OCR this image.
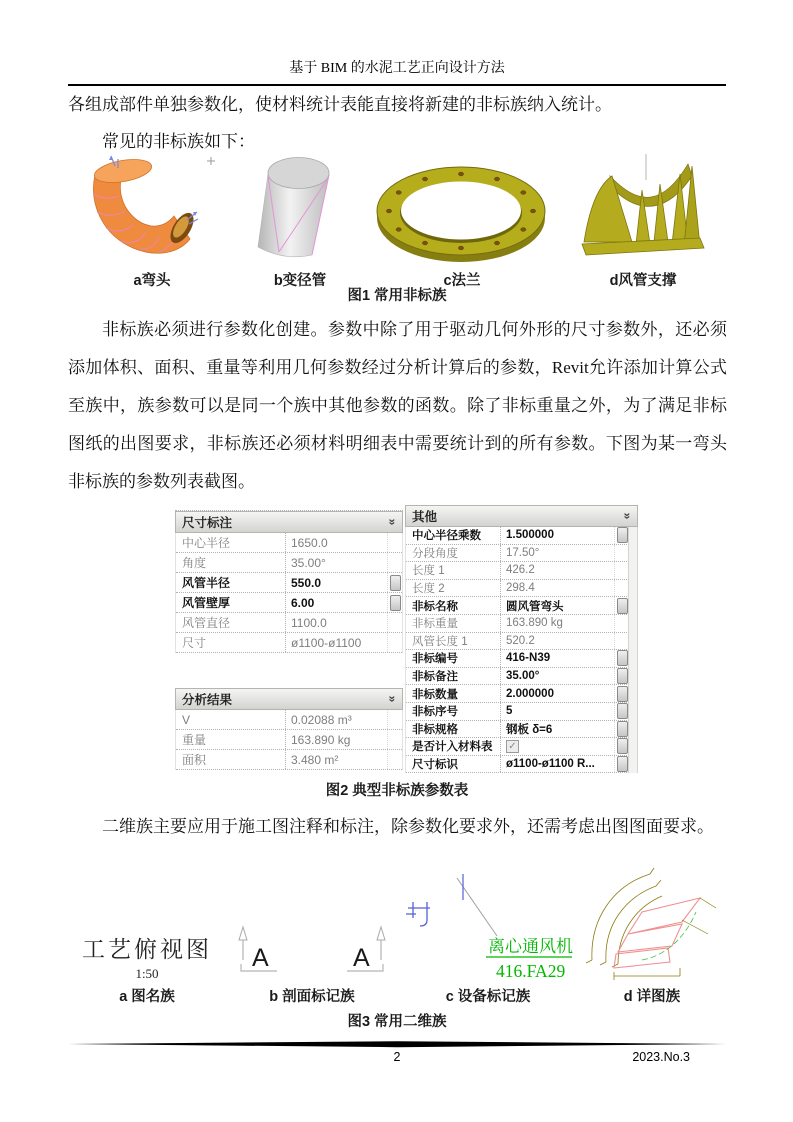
基于 BIM 的水泥工艺正向设计方法
各组成部件单独参数化，使材料统计表能直接将新建的非标族纳入统计。
常见的非标族如下：
a弯头	b变径管	c法兰	d风管支撑
图1 常用非标族
非标族必须进行参数化创建。参数中除了用于驱动几何外形的尺寸参数外，还必须添加体积、面积、重量等利用几何参数经过分析计算后的参数，Revit允许添加计算公式至族中，族参数可以是同一个族中其他参数的函数。除了非标重量之外，为了满足非标图纸的出图要求，非标族还必须材料明细表中需要统计到的所有参数。下图为某一弯头非标族的参数列表截图。
尺寸标注	»
中心半径	1650.0
角度	35.00°
风管半径	550.0
风管壁厚	6.00
风管直径	1100.0
尺寸	ø1100-ø1100
分析结果	»
V	0.02088 m³
重量	163.890 kg
面积	3.480 m²
其他	»
中心半径乘数	1.500000
分段角度	17.50°
长度 1	426.2
长度 2	298.4
非标名称	圆风管弯头
非标重量	163.890 kg
风管长度 1	520.2
非标编号	416-N39
非标备注	35.00°
非标数量	2.000000
非标序号	5
非标规格	钢板 δ=6
是否计入材料表	✓
尺寸标识	ø1100-ø1100 R...
图2 典型非标族参数表
二维族主要应用于施工图注释和标注，除参数化要求外，还需考虑出图图面要求。
工艺俯视图
1:50
a 图名族
A	A
b 剖面标记族
离心通风机
416.FA29
c 设备标记族	d 详图族
图3 常用二维族
2	2023.No.3
